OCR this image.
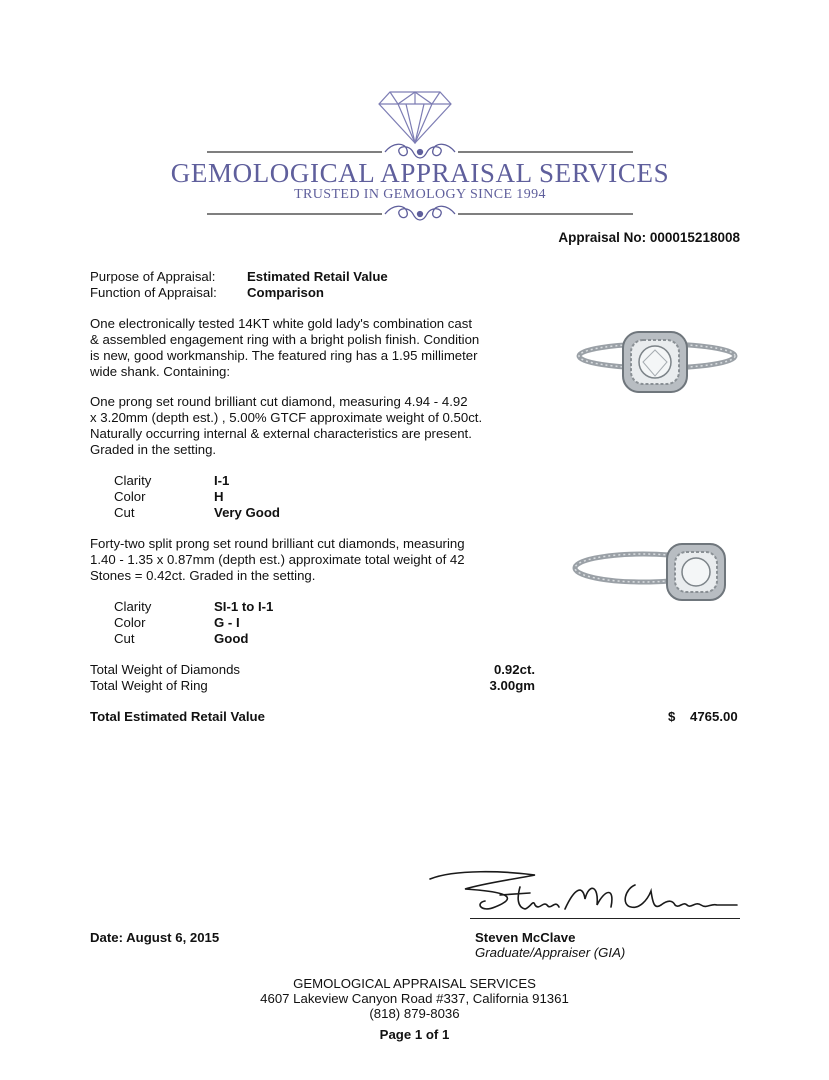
GEMOLOGICAL APPRAISAL SERVICES
TRUSTED IN GEMOLOGY SINCE 1994
Appraisal No: 000015218008
Purpose of Appraisal: Estimated Retail Value
Function of Appraisal: Comparison
One electronically tested 14KT white gold lady's combination cast
& assembled engagement ring with a bright polish finish. Condition
is new, good workmanship. The featured ring has a 1.95 millimeter
wide shank. Containing:
One prong set round brilliant cut diamond, measuring 4.94 - 4.92
x 3.20mm (depth est.) , 5.00% GTCF approximate weight of 0.50ct.
Naturally occurring internal & external characteristics are present.
Graded in the setting.
Clarity	I-1
Color	H
Cut	Very Good
Forty-two split prong set round brilliant cut diamonds, measuring
1.40 - 1.35 x 0.87mm (depth est.) approximate total weight of 42
Stones = 0.42ct. Graded in the setting.
Clarity	SI-1 to I-1
Color	G - I
Cut	Good
Total Weight of Diamonds	0.92ct.
Total Weight of Ring	3.00gm
Total Estimated Retail Value	$ 4765.00
Date: August 6, 2015	Steven McClave
Graduate/Appraiser (GIA)
GEMOLOGICAL APPRAISAL SERVICES
4607 Lakeview Canyon Road #337, California 91361
(818) 879-8036
Page 1 of 1
